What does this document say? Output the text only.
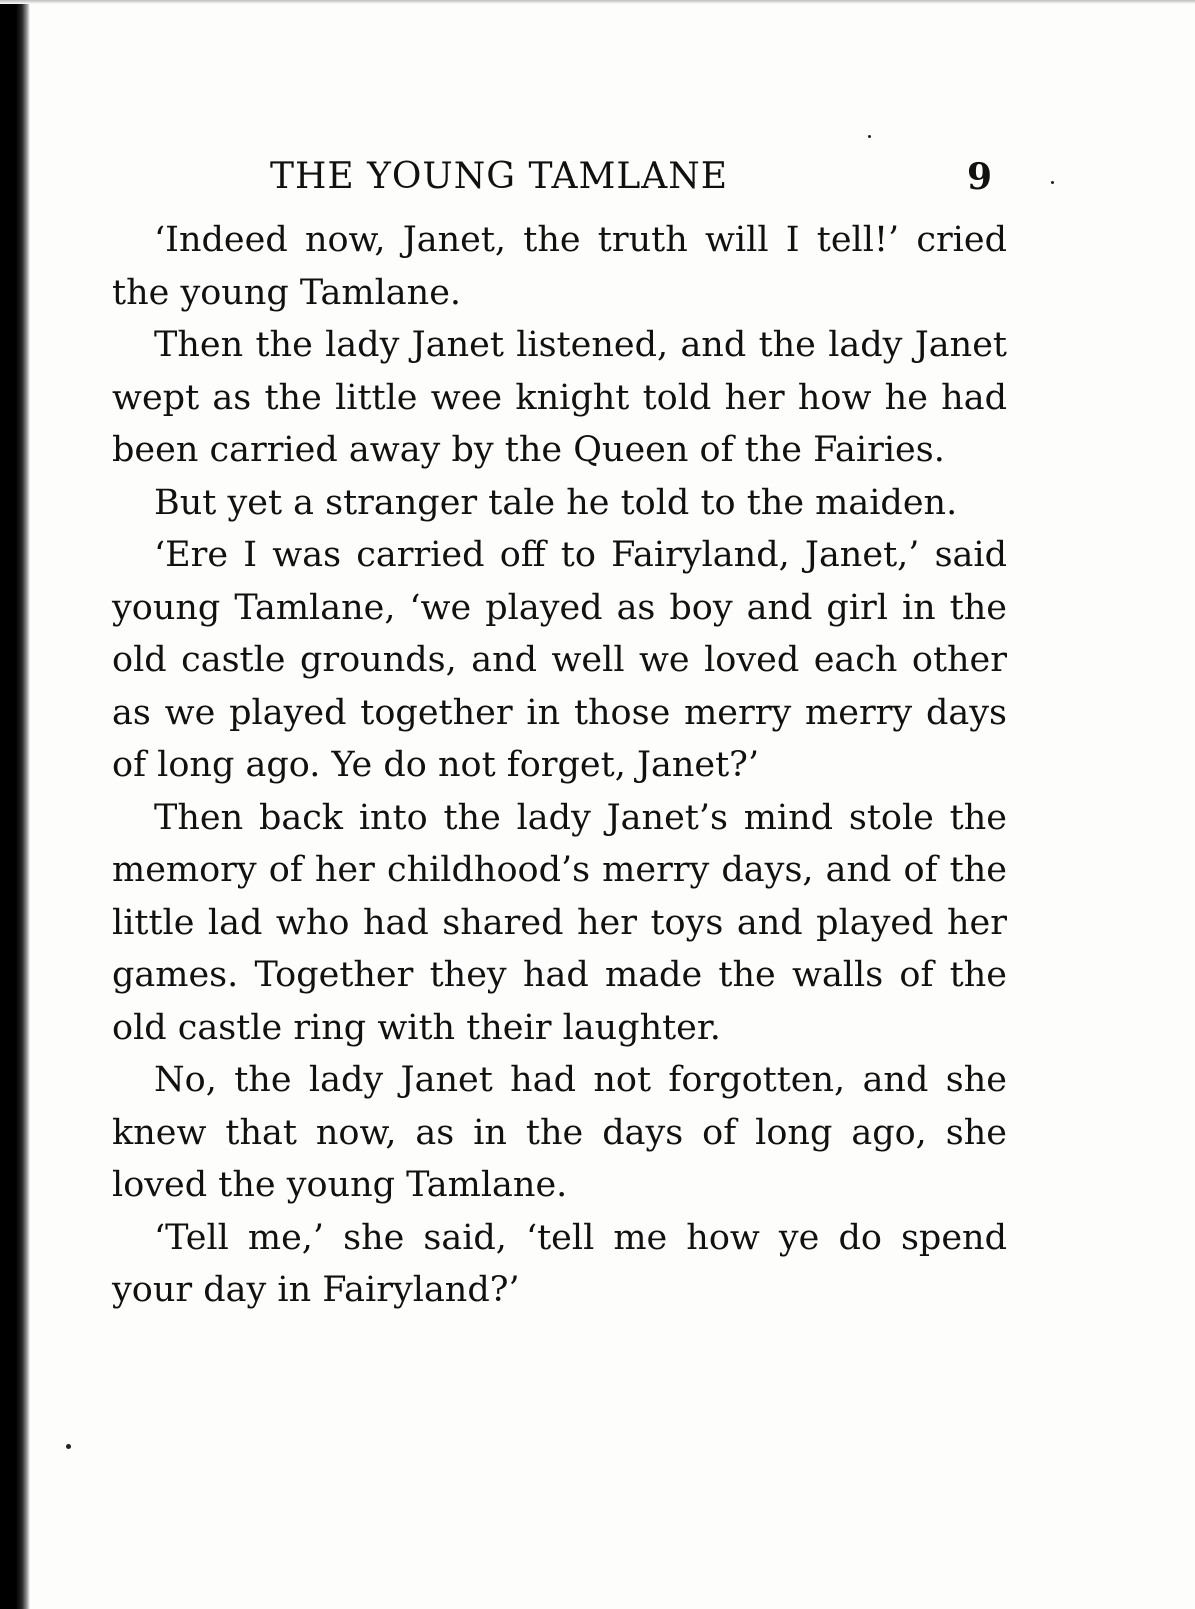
THE YOUNG TAMLANE	9

‘Indeed now, Janet, the truth will I tell!’ cried the young Tamlane.

Then the lady Janet listened, and the lady Janet wept as the little wee knight told her how he had been carried away by the Queen of the Fairies.

But yet a stranger tale he told to the maiden.

‘Ere I was carried off to Fairyland, Janet,’ said young Tamlane, ‘we played as boy and girl in the old castle grounds, and well we loved each other as we played together in those merry merry days of long ago. Ye do not forget, Janet?’

Then back into the lady Janet’s mind stole the memory of her childhood’s merry days, and of the little lad who had shared her toys and played her games. Together they had made the walls of the old castle ring with their laughter.

No, the lady Janet had not forgotten, and she knew that now, as in the days of long ago, she loved the young Tamlane.

‘Tell me,’ she said, ‘tell me how ye do spend your day in Fairyland?’
